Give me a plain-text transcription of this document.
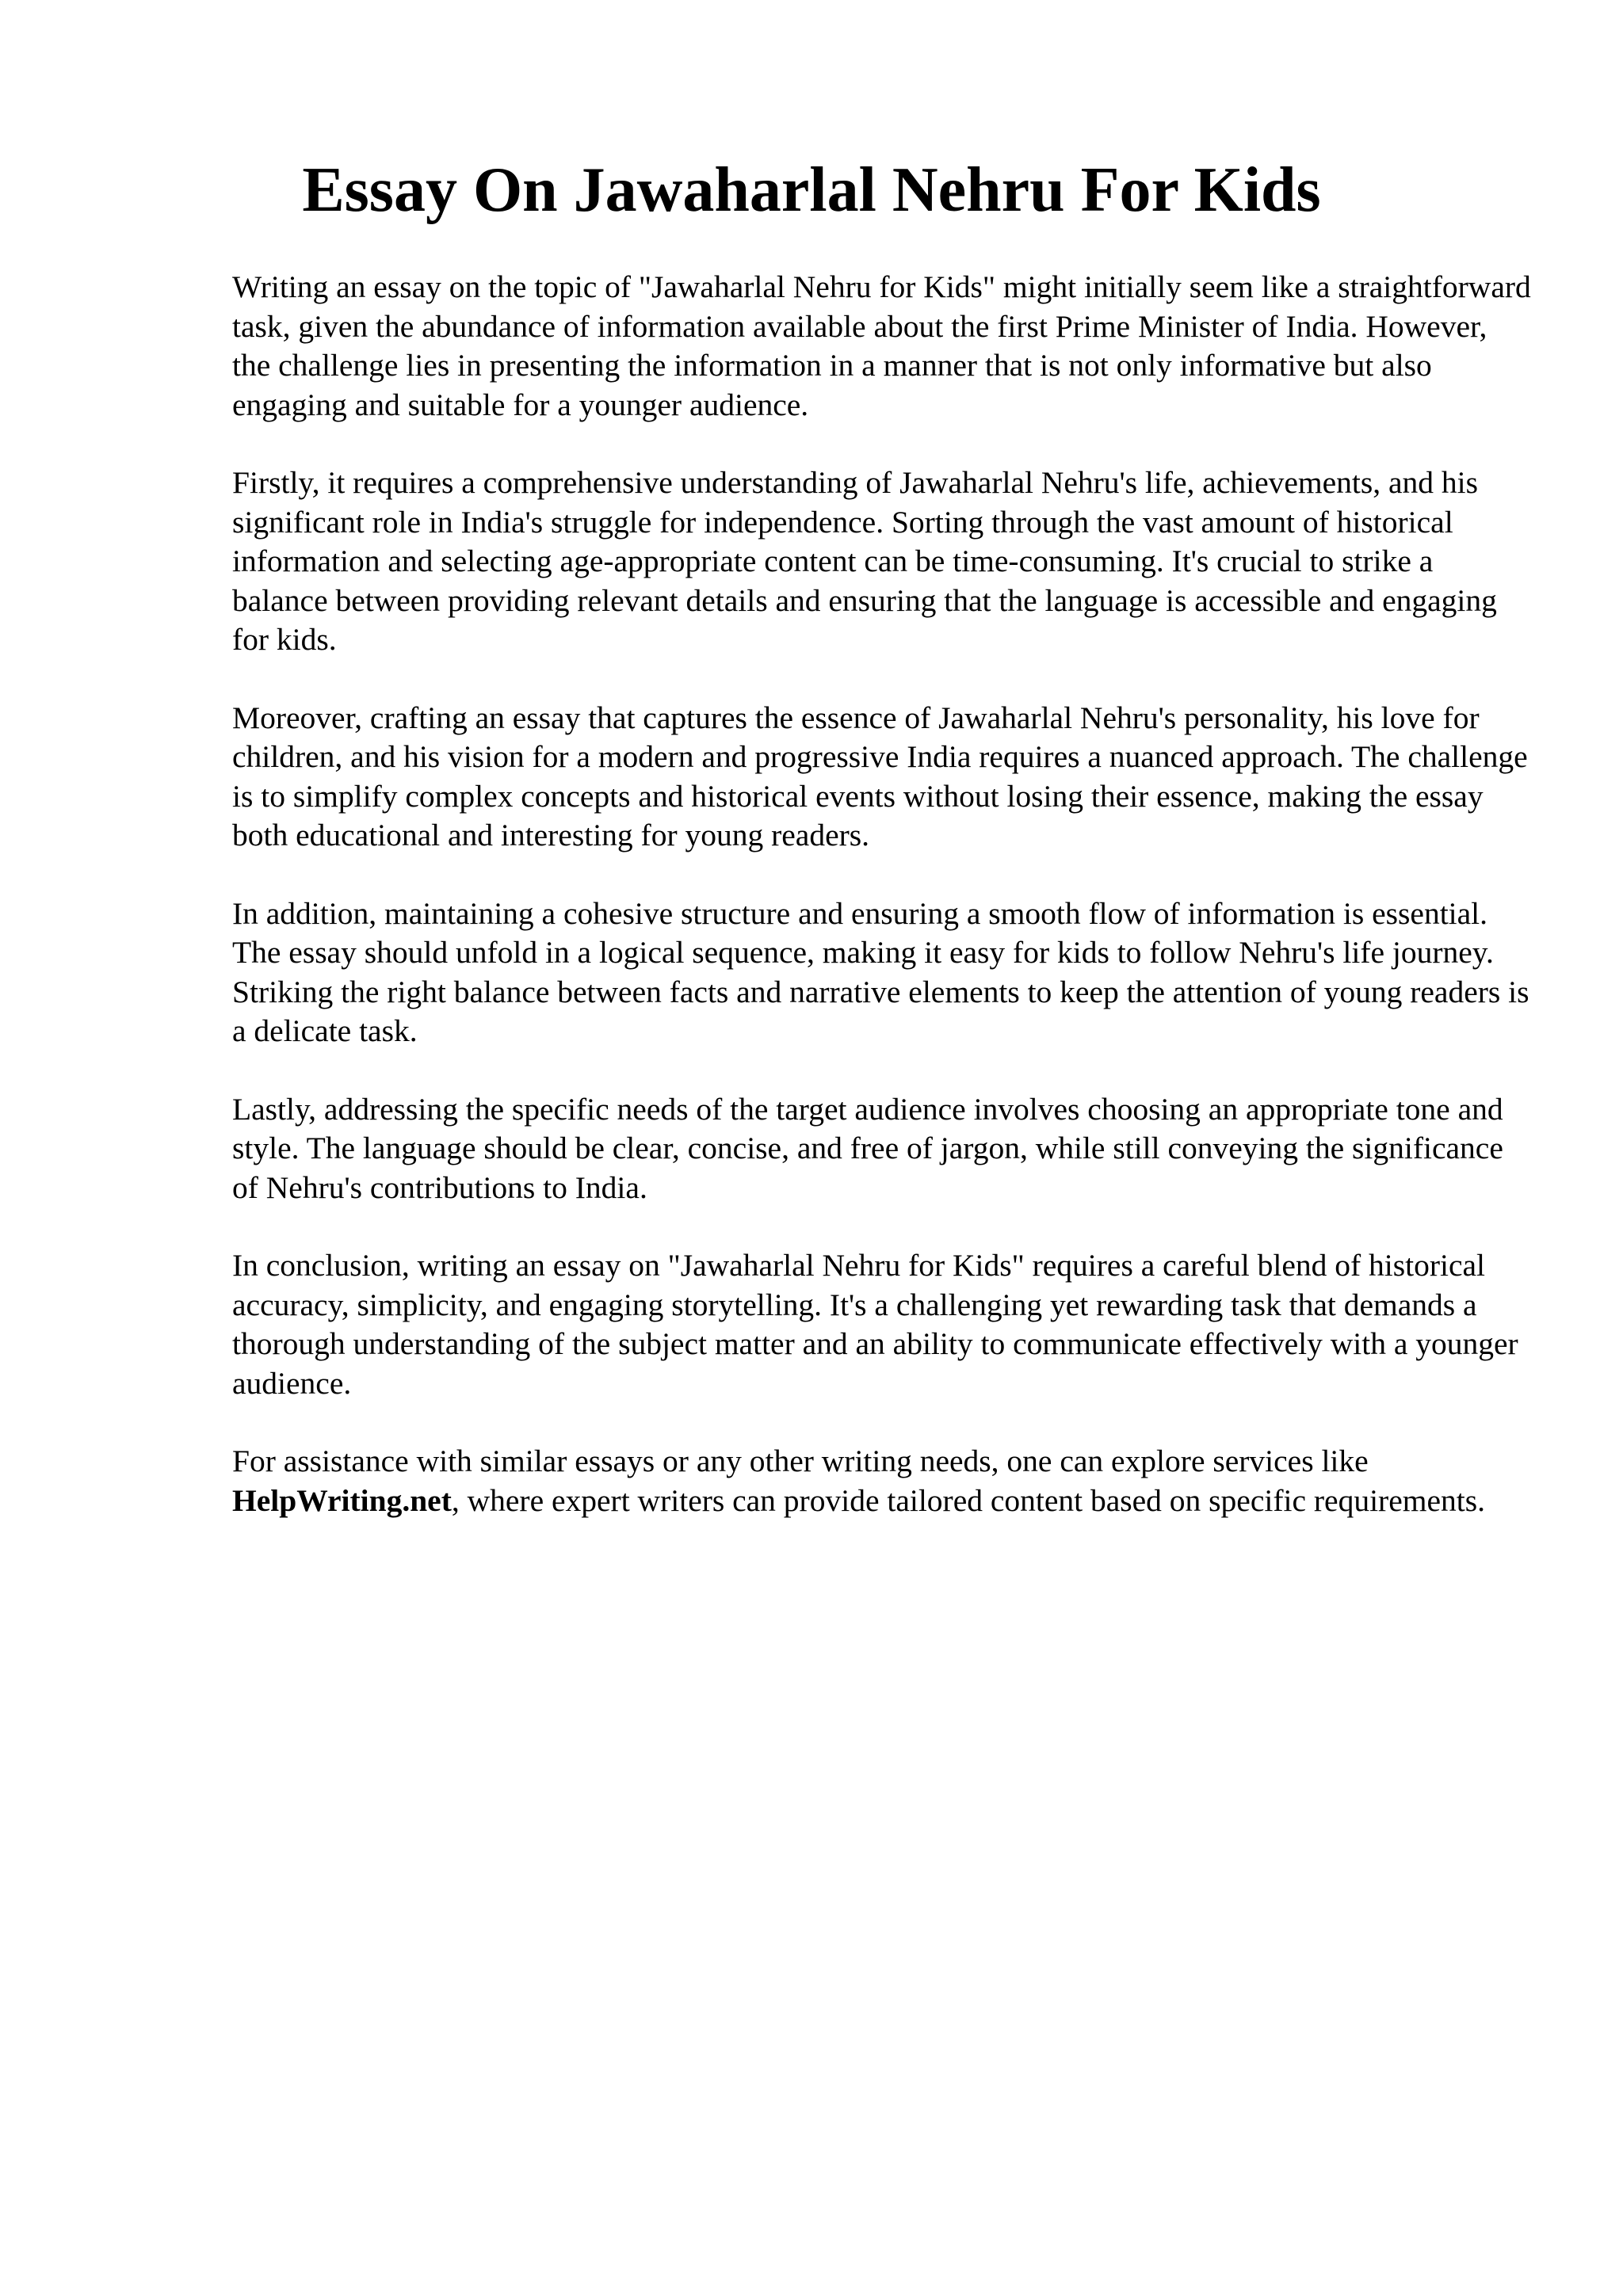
Essay On Jawaharlal Nehru For Kids

Writing an essay on the topic of "Jawaharlal Nehru for Kids" might initially seem like a straightforward task, given the abundance of information available about the first Prime Minister of India. However, the challenge lies in presenting the information in a manner that is not only informative but also engaging and suitable for a younger audience.

Firstly, it requires a comprehensive understanding of Jawaharlal Nehru's life, achievements, and his significant role in India's struggle for independence. Sorting through the vast amount of historical information and selecting age-appropriate content can be time-consuming. It's crucial to strike a balance between providing relevant details and ensuring that the language is accessible and engaging for kids.

Moreover, crafting an essay that captures the essence of Jawaharlal Nehru's personality, his love for children, and his vision for a modern and progressive India requires a nuanced approach. The challenge is to simplify complex concepts and historical events without losing their essence, making the essay both educational and interesting for young readers.

In addition, maintaining a cohesive structure and ensuring a smooth flow of information is essential. The essay should unfold in a logical sequence, making it easy for kids to follow Nehru's life journey. Striking the right balance between facts and narrative elements to keep the attention of young readers is a delicate task.

Lastly, addressing the specific needs of the target audience involves choosing an appropriate tone and style. The language should be clear, concise, and free of jargon, while still conveying the significance of Nehru's contributions to India.

In conclusion, writing an essay on "Jawaharlal Nehru for Kids" requires a careful blend of historical accuracy, simplicity, and engaging storytelling. It's a challenging yet rewarding task that demands a thorough understanding of the subject matter and an ability to communicate effectively with a younger audience.

For assistance with similar essays or any other writing needs, one can explore services like HelpWriting.net, where expert writers can provide tailored content based on specific requirements.
